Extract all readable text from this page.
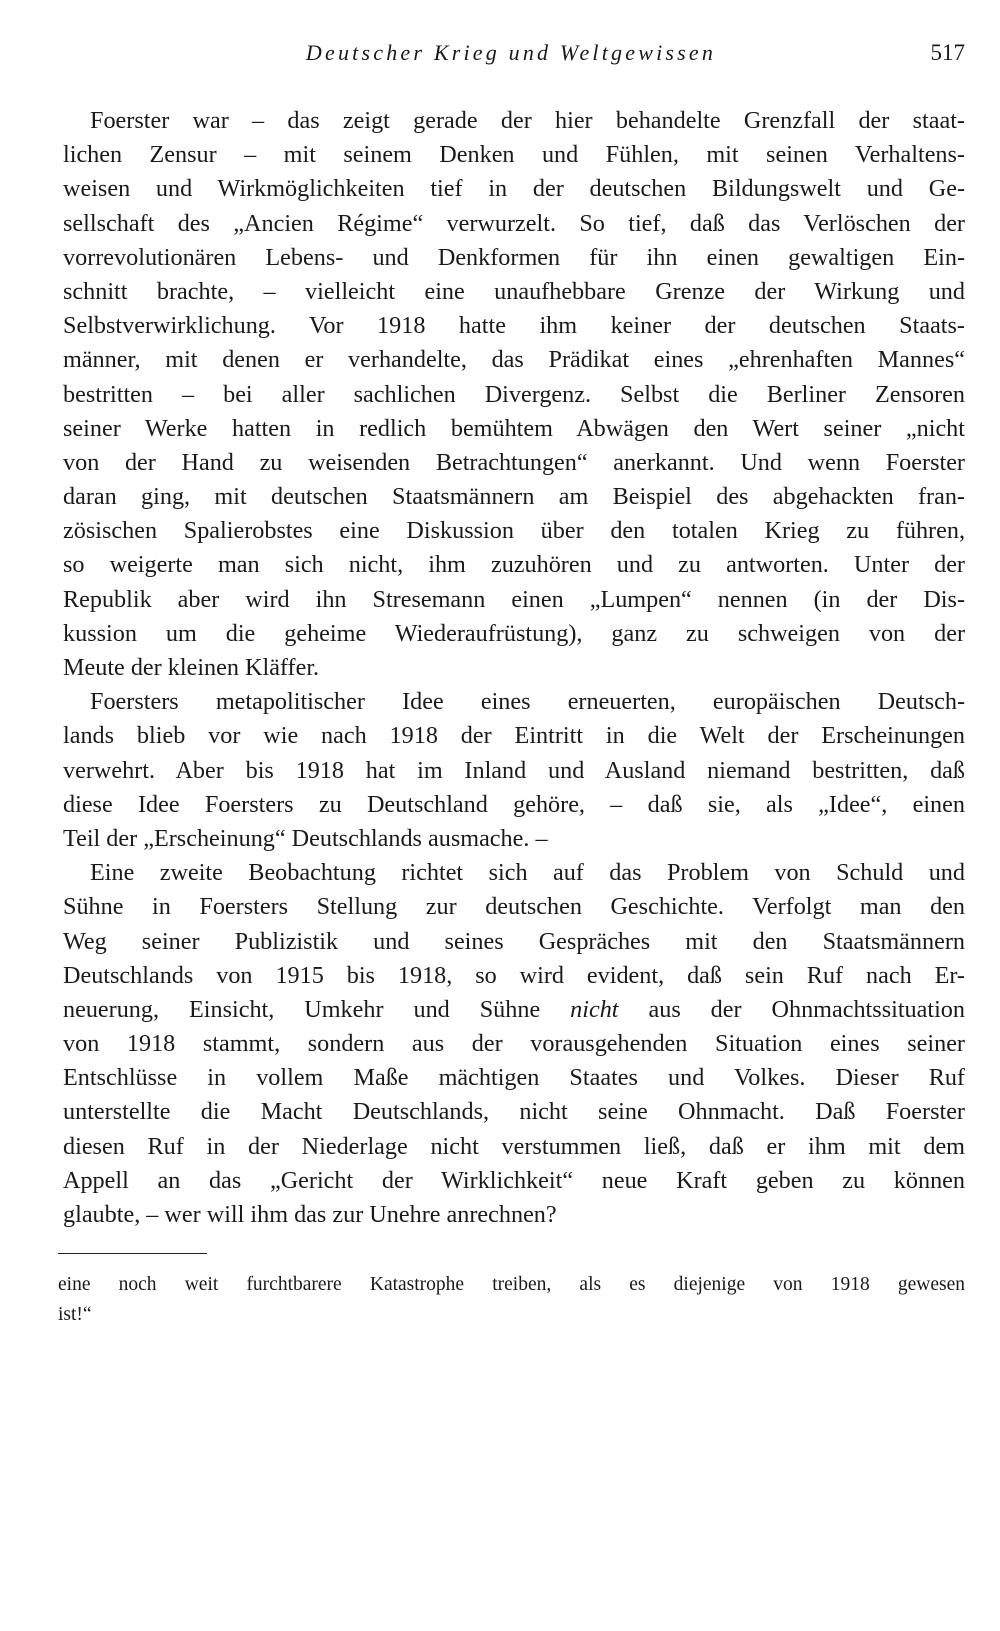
Deutscher Krieg und Weltgewissen	517
Foerster war – das zeigt gerade der hier behandelte Grenzfall der staat-
lichen Zensur – mit seinem Denken und Fühlen, mit seinen Verhaltens-
weisen und Wirkmöglichkeiten tief in der deutschen Bildungswelt und Ge-
sellschaft des „Ancien Régime“ verwurzelt. So tief, daß das Verlöschen der
vorrevolutionären Lebens- und Denkformen für ihn einen gewaltigen Ein-
schnitt brachte, – vielleicht eine unaufhebbare Grenze der Wirkung und
Selbstverwirklichung. Vor 1918 hatte ihm keiner der deutschen Staats-
männer, mit denen er verhandelte, das Prädikat eines „ehrenhaften Mannes“
bestritten – bei aller sachlichen Divergenz. Selbst die Berliner Zensoren
seiner Werke hatten in redlich bemühtem Abwägen den Wert seiner „nicht
von der Hand zu weisenden Betrachtungen“ anerkannt. Und wenn Foerster
daran ging, mit deutschen Staatsmännern am Beispiel des abgehackten fran-
zösischen Spalierobstes eine Diskussion über den totalen Krieg zu führen,
so weigerte man sich nicht, ihm zuzuhören und zu antworten. Unter der
Republik aber wird ihn Stresemann einen „Lumpen“ nennen (in der Dis-
kussion um die geheime Wiederaufrüstung), ganz zu schweigen von der
Meute der kleinen Kläffer.
Foersters metapolitischer Idee eines erneuerten, europäischen Deutsch-
lands blieb vor wie nach 1918 der Eintritt in die Welt der Erscheinungen
verwehrt. Aber bis 1918 hat im Inland und Ausland niemand bestritten, daß
diese Idee Foersters zu Deutschland gehöre, – daß sie, als „Idee“, einen
Teil der „Erscheinung“ Deutschlands ausmache. –
Eine zweite Beobachtung richtet sich auf das Problem von Schuld und
Sühne in Foersters Stellung zur deutschen Geschichte. Verfolgt man den
Weg seiner Publizistik und seines Gespräches mit den Staatsmännern
Deutschlands von 1915 bis 1918, so wird evident, daß sein Ruf nach Er-
neuerung, Einsicht, Umkehr und Sühne nicht aus der Ohnmachtssituation
von 1918 stammt, sondern aus der vorausgehenden Situation eines seiner
Entschlüsse in vollem Maße mächtigen Staates und Volkes. Dieser Ruf
unterstellte die Macht Deutschlands, nicht seine Ohnmacht. Daß Foerster
diesen Ruf in der Niederlage nicht verstummen ließ, daß er ihm mit dem
Appell an das „Gericht der Wirklichkeit“ neue Kraft geben zu können
glaubte, – wer will ihm das zur Unehre anrechnen?
eine noch weit furchtbarere Katastrophe treiben, als es diejenige von 1918 gewesen
ist!“
